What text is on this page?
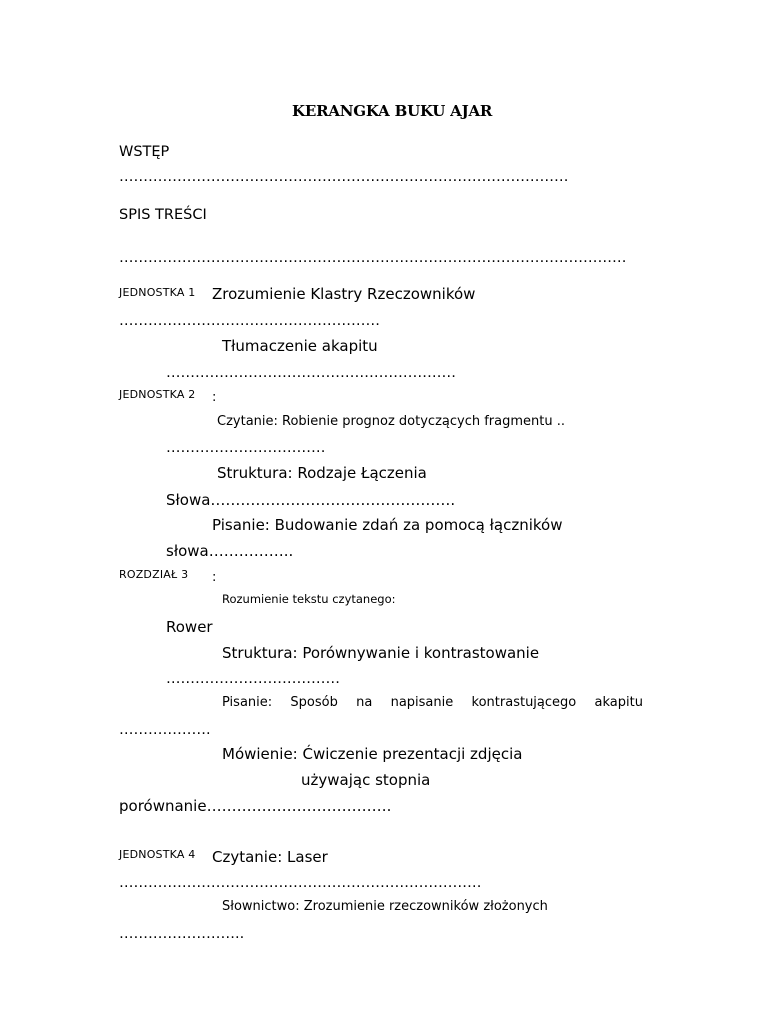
KERANGKA BUKU AJAR
WSTĘP
…………………………………………………………………………………
SPIS TREŚCI
……………………………………………………………………………………………
JEDNOSTKA 1 Zrozumienie Klastry Rzeczowników
………………………………………………
Tłumaczenie akapitu
……………………………………………………
JEDNOSTKA 2 :
Czytanie: Robienie prognoz dotyczących fragmentu ..
……………………………
Struktura: Rodzaje Łączenia
Słowa………………………………………….
Pisanie: Budowanie zdań za pomocą łączników
słowa……………..
ROZDZIAŁ 3 :
Rozumienie tekstu czytanego:
Rower
Struktura: Porównywanie i kontrastowanie
………………………………
Pisanie: Sposób na napisanie kontrastującego akapitu
……………….
Mówienie: Ćwiczenie prezentacji zdjęcia
używając stopnia
porównanie……………………………….
JEDNOSTKA 4 Czytanie: Laser
…………………………………………………………………
Słownictwo: Zrozumienie rzeczowników złożonych
……………………..
